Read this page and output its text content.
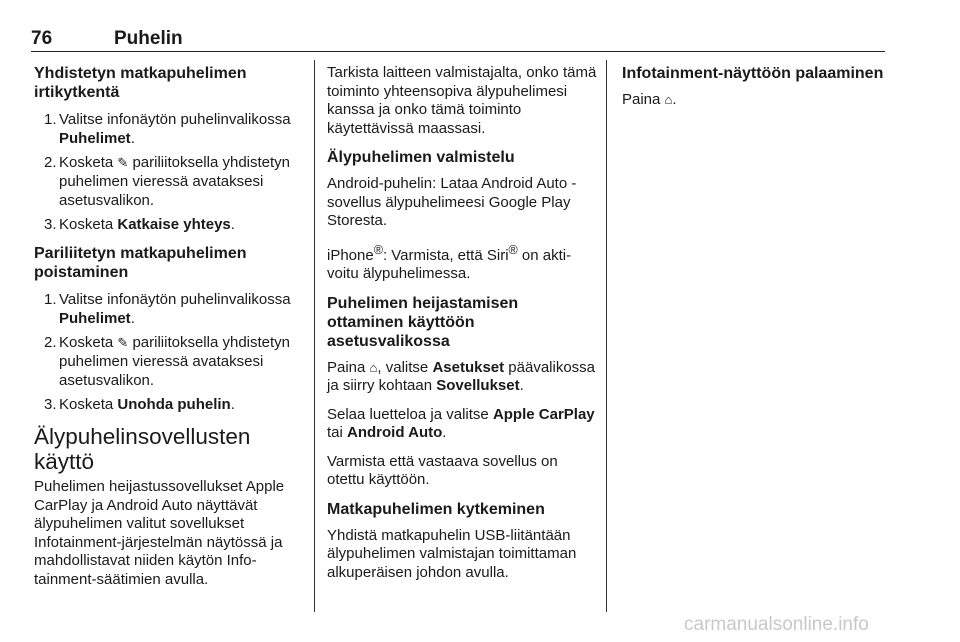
76	Puhelin
Yhdistetyn matkapuhelimen irtikytkentä
1. Valitse infonäytön puhelinvalikossa Puhelimet.
2. Kosketa ✎ pariliitoksella yhdistetyn puhelimen vieressä avataksesi asetusvalikon.
3. Kosketa Katkaise yhteys.
Pariliitetyn matkapuhelimen poistaminen
1. Valitse infonäytön puhelinvalikossa Puhelimet.
2. Kosketa ✎ pariliitoksella yhdistetyn puhelimen vieressä avataksesi asetusvalikon.
3. Kosketa Unohda puhelin.
Älypuhelinsovellusten käyttö

Puhelimen heijastussovellukset Apple CarPlay ja Android Auto näyttävät älypuhelimen valitut sovellukset Infotainment-järjestelmän näytössä ja mahdollistavat niiden käytön Infotainment-säätimien avulla.

Tarkista laitteen valmistajalta, onko tämä toiminto yhteensopiva älypuhelimesi kanssa ja onko tämä toiminto käytettävissä maassasi.

Älypuhelimen valmistelu

Android-puhelin: Lataa Android Auto -sovellus älypuhelimeesi Google Play Storesta.

iPhone®: Varmista, että Siri® on aktivoitu älypuhelimessa.

Puhelimen heijastamisen ottaminen käyttöön asetusvalikossa

Paina ⌂, valitse Asetukset päävalikossa ja siirry kohtaan Sovellukset.

Selaa luetteloa ja valitse Apple CarPlay tai Android Auto.

Varmista että vastaava sovellus on otettu käyttöön.

Matkapuhelimen kytkeminen

Yhdistä matkapuhelin USB-liitäntään älypuhelimen valmistajan toimittaman alkuperäisen johdon avulla.

Infotainment-näyttöön palaaminen

Paina ⌂.

carmanualsonline.info
